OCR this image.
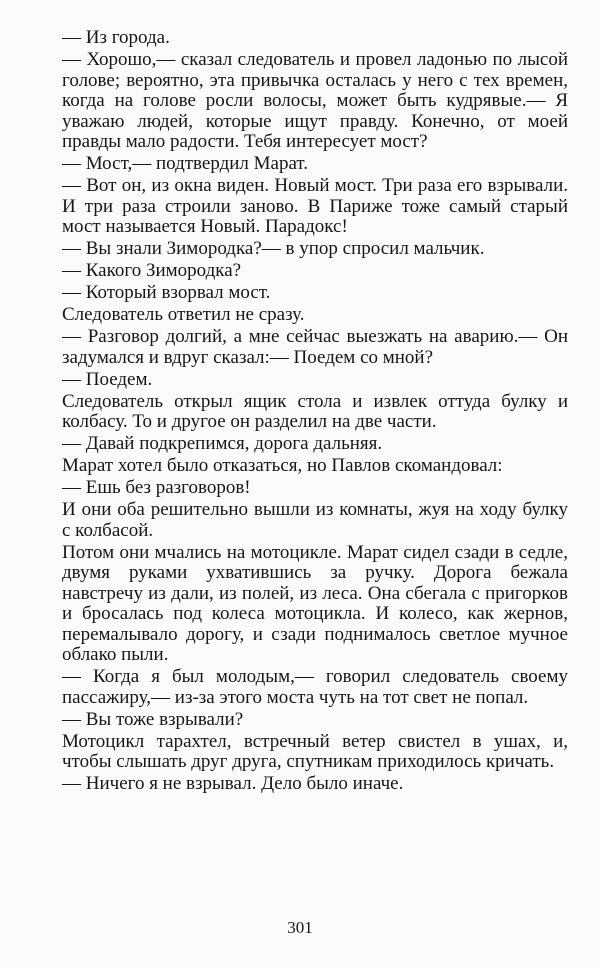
— Из города.

— Хорошо,— сказал следователь и провел ладонью по лысой голове; вероятно, эта привычка осталась у него с тех времен, когда на голове росли волосы, может быть кудрявые.— Я уважаю людей, которые ищут правду. Конечно, от моей правды мало радости. Тебя интересует мост?

— Мост,— подтвердил Марат.

— Вот он, из окна виден. Новый мост. Три раза его взрывали. И три раза строили заново. В Париже тоже самый старый мост называется Новый. Парадокс!

— Вы знали Зимородка?— в упор спросил мальчик.

— Какого Зимородка?

— Который взорвал мост.

Следователь ответил не сразу.

— Разговор долгий, а мне сейчас выезжать на аварию.— Он задумался и вдруг сказал:— Поедем со мной?

— Поедем.

Следователь открыл ящик стола и извлек оттуда булку и колбасу. То и другое он разделил на две части.

— Давай подкрепимся, дорога дальняя.

Марат хотел было отказаться, но Павлов скомандовал:

— Ешь без разговоров!

И они оба решительно вышли из комнаты, жуя на ходу булку с колбасой.

Потом они мчались на мотоцикле. Марат сидел сзади в седле, двумя руками ухватившись за ручку. Дорога бежала навстречу из дали, из полей, из леса. Она сбегала с пригорков и бросалась под колеса мотоцикла. И колесо, как жернов, перемалывало дорогу, и сзади поднималось светлое мучное облако пыли.

— Когда я был молодым,— говорил следователь своему пассажиру,— из-за этого моста чуть на тот свет не попал.

— Вы тоже взрывали?

Мотоцикл тарахтел, встречный ветер свистел в ушах, и, чтобы слышать друг друга, спутникам приходилось кричать.

— Ничего я не взрывал. Дело было иначе.

301
